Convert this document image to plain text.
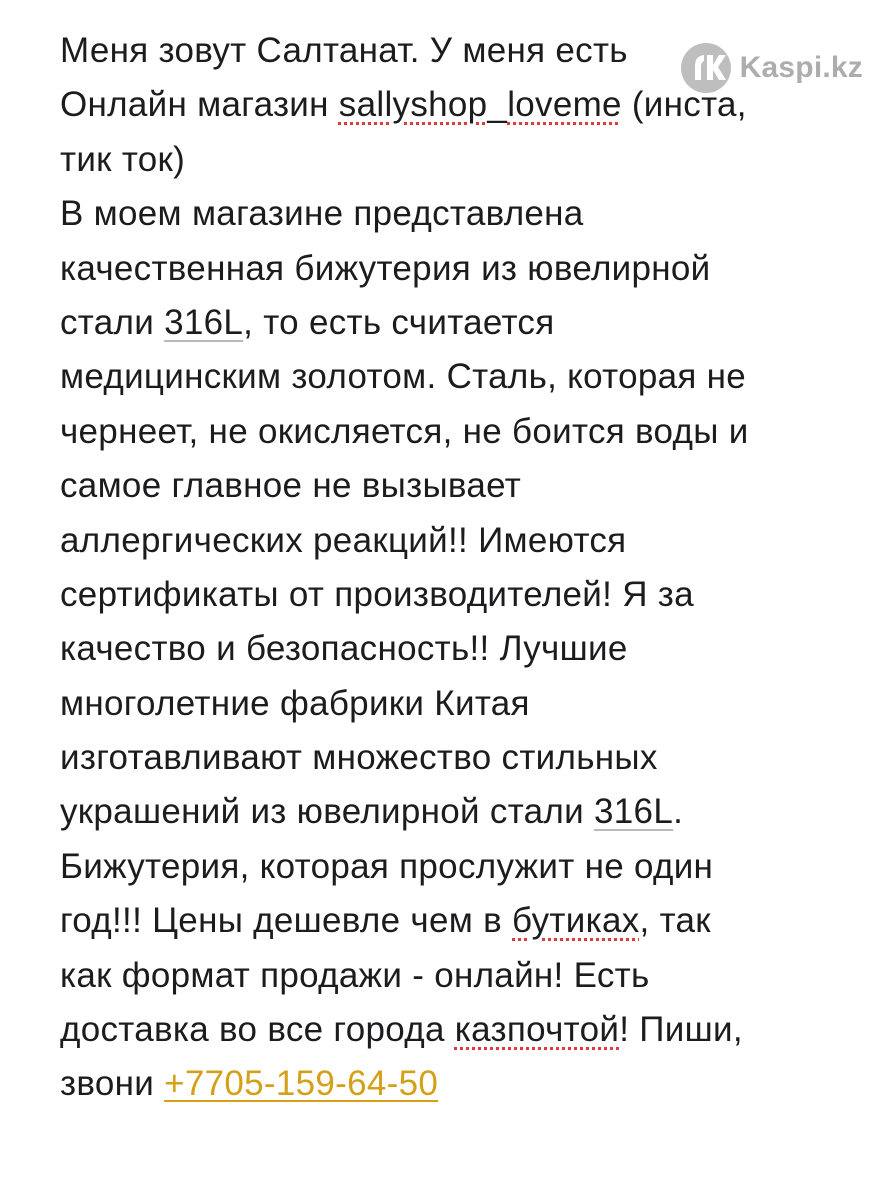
Kaspi.kz
Меня зовут Салтанат. У меня есть
Онлайн магазин sallyshop_loveme (инста,
тик ток)
В моем магазине представлена
качественная бижутерия из ювелирной
стали 316L, то есть считается
медицинским золотом. Сталь, которая не
чернеет, не окисляется, не боится воды и
самое главное не вызывает
аллергических реакций!! Имеются
сертификаты от производителей! Я за
качество и безопасность!! Лучшие
многолетние фабрики Китая
изготавливают множество стильных
украшений из ювелирной стали 316L.
Бижутерия, которая прослужит не один
год!!! Цены дешевле чем в бутиках, так
как формат продажи - онлайн! Есть
доставка во все города казпочтой! Пиши,
звони +7705-159-64-50
